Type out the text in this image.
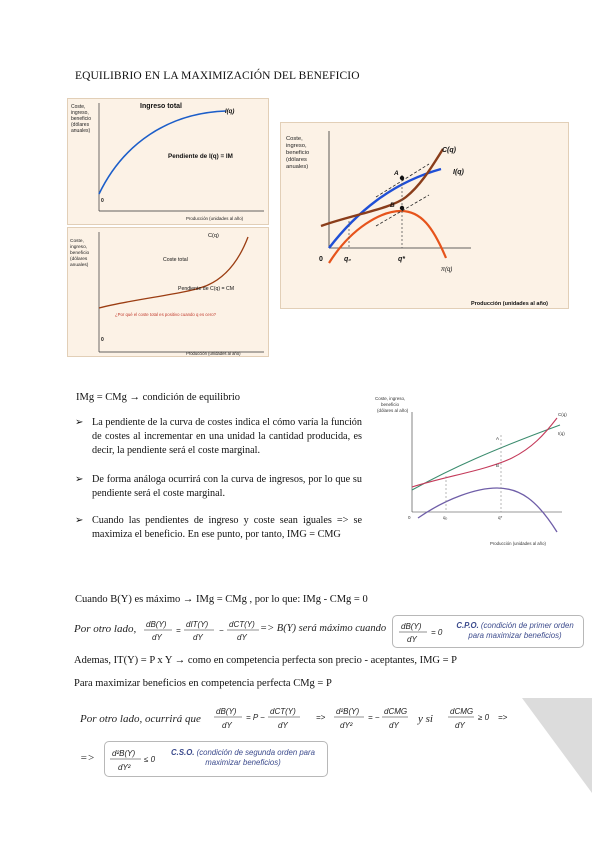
EQUILIBRIO EN LA MAXIMIZACIÓN DEL BENEFICIO
Coste,
ingreso,
beneficio
(dólares
anuales)
Ingreso total
I(q)
Pendiente de I(q) = IM
0
Producción (unidades al año)
Coste,
ingreso,
beneficio
(dólares
anuales)
C(q)
Coste total
Pendiente de C(q) = CM
¿Por qué el coste total es positivo cuando q es cero?
0
Producción (unidades al año)
Coste,
ingreso,
beneficio
(dólares
anuales)
C(q)
I(q)
π(q)
A
B
0	q₀	q*
Producción (unidades al año)
IMg = CMg → condición de equilibrio
➢ La pendiente de la curva de costes indica el cómo varía la función de costes al incrementar en una unidad la cantidad producida, es decir, la pendiente será el coste marginal.
➢ De forma análoga ocurrirá con la curva de ingresos, por lo que su pendiente será el coste marginal.
➢ Cuando las pendientes de ingreso y coste sean iguales => se maximiza el beneficio. En ese punto, por tanto, IMG = CMG
Coste, ingreso,
beneficio
(dólares al año)
C(q)
I(q)
A
B
0	q₀	q*
Producción (unidades al año)
Cuando B(Y) es máximo → IMg = CMg , por lo que: IMg - CMg = 0
Por otro lado, dB(Y)
dY
=
dIT(Y)
dY
−
dCT(Y)
dY
=> B(Y) será máximo cuando dB(Y)
dY
= 0
C.P.O. (condición de primer orden para maximizar beneficios)
Ademas, IT(Y) = P x Y → como en competencia perfecta son precio - aceptantes, IMG = P
Para maximizar beneficios en competencia perfecta CMg = P
Por otro lado, ocurrirá que
dB(Y)
dY
= P −
dCT(Y)
dY
=>
d²B(Y)
dY²
= −
dCMG
dY
y si
dCMG
dY
≥ 0 =>
=> d²B(Y)
dY²
≤ 0
C.S.O. (condición de segunda orden para maximizar beneficios)
